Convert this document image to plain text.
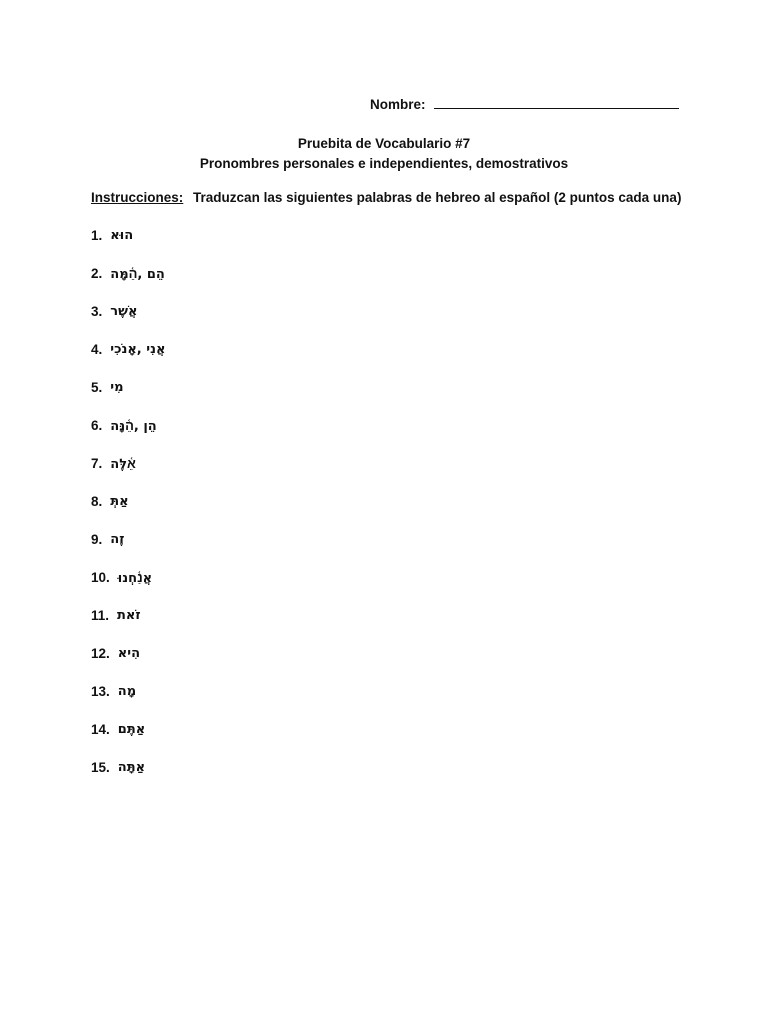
Nombre:
Pruebita de Vocabulario #7
Pronombres personales e independientes, demostrativos
Instrucciones: Traduzcan las siguientes palabras de hebreo al español (2 puntos cada una)
1. הוּא
2. הֵם ,הֵ֫מָּה
3. אֲשֶׁר
4. אֲנִי ,אָנֹכִי
5. מִי
6. הֵן ,הֵ֫נָּה
7. אֵ֫לֶּה
8. אַתְּ
9. זֶה
10. אֲנַ֫חְנוּ
11. זֹאת
12. הִיא
13. מָה
14. אַתֶּם
15. אַתָּה
